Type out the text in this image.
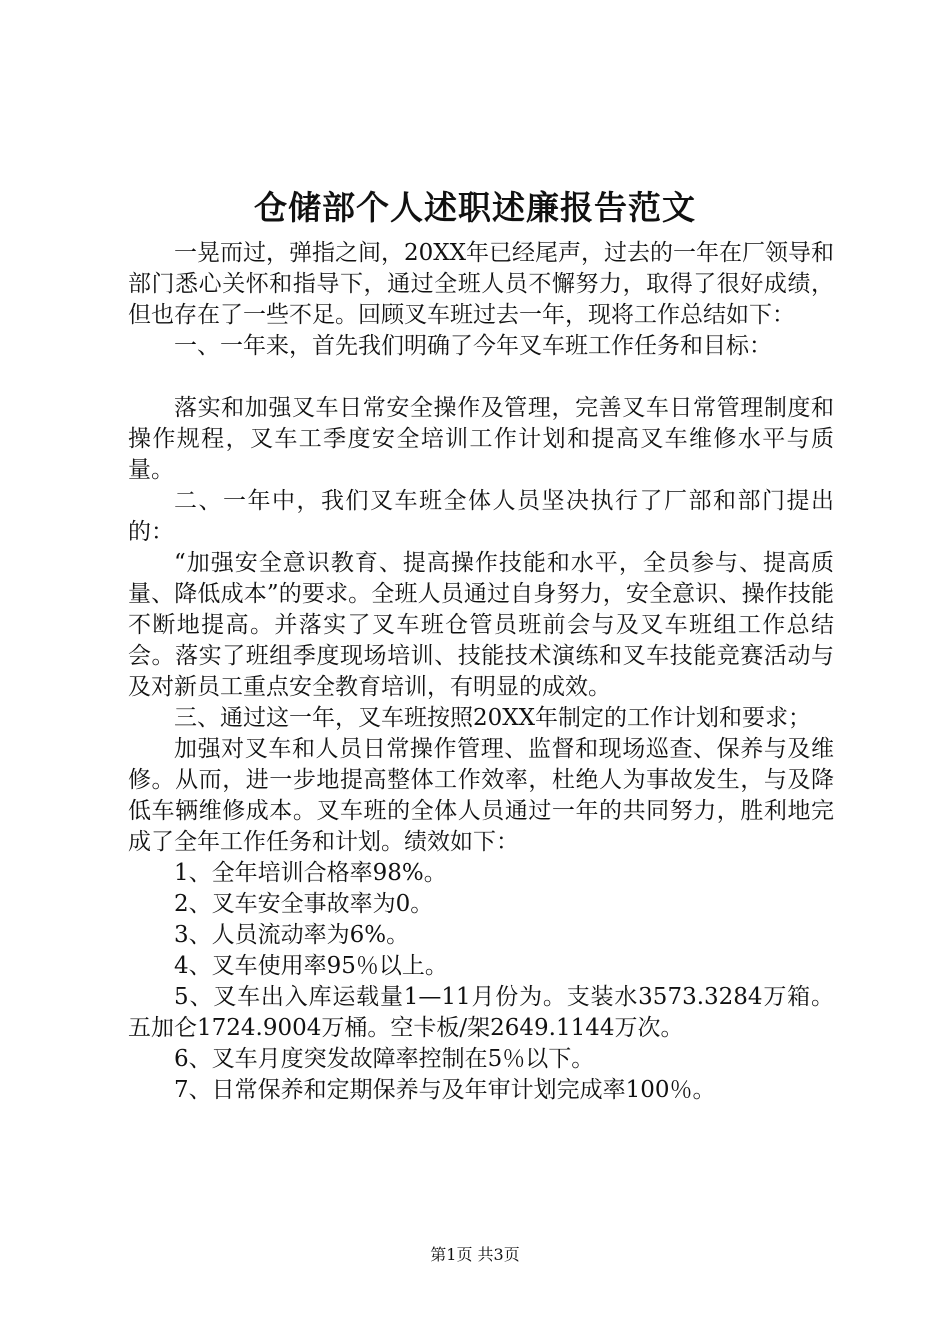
仓储部个人述职述廉报告范文

一晃而过，弹指之间，20XX年已经尾声，过去的一年在厂领导和部门悉心关怀和指导下，通过全班人员不懈努力，取得了很好成绩，但也存在了一些不足。回顾叉车班过去一年，现将工作总结如下：

一、一年来，首先我们明确了今年叉车班工作任务和目标：

落实和加强叉车日常安全操作及管理，完善叉车日常管理制度和操作规程，叉车工季度安全培训工作计划和提高叉车维修水平与质量。

二、一年中，我们叉车班全体人员坚决执行了厂部和部门提出的：

“加强安全意识教育、提高操作技能和水平，全员参与、提高质量、降低成本”的要求。全班人员通过自身努力，安全意识、操作技能不断地提高。并落实了叉车班仓管员班前会与及叉车班组工作总结会。落实了班组季度现场培训、技能技术演练和叉车技能竞赛活动与及对新员工重点安全教育培训，有明显的成效。

三、通过这一年，叉车班按照20XX年制定的工作计划和要求；

加强对叉车和人员日常操作管理、监督和现场巡查、保养与及维修。从而，进一步地提高整体工作效率，杜绝人为事故发生，与及降低车辆维修成本。叉车班的全体人员通过一年的共同努力，胜利地完成了全年工作任务和计划。绩效如下：

1、全年培训合格率98%。

2、叉车安全事故率为0。

3、人员流动率为6%。

4、叉车使用率95％以上。

5、叉车出入库运载量1—11月份为。支装水3573.3284万箱。五加仑1724.9004万桶。空卡板/架2649.1144万次。

6、叉车月度突发故障率控制在5％以下。

7、日常保养和定期保养与及年审计划完成率100％。

第1页 共3页
